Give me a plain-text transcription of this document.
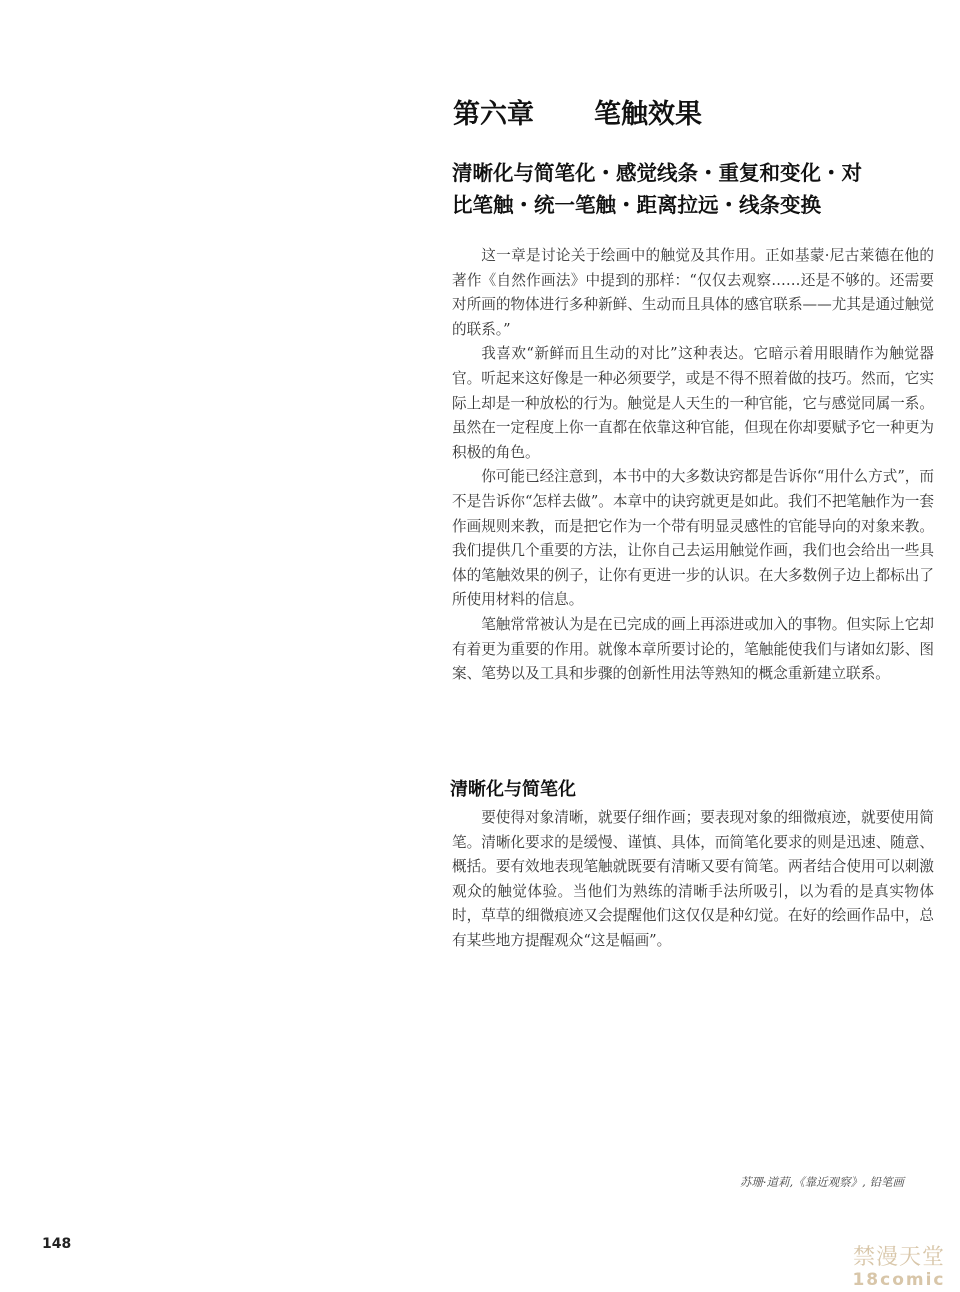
第六章 笔触效果
清晰化与简笔化・感觉线条・重复和变化・对
比笔触・统一笔触・距离拉远・线条变换

这一章是讨论关于绘画中的触觉及其作用。正如基蒙·尼古莱德在他的著作《自然作画法》中提到的那样：“仅仅去观察……还是不够的。还需要对所画的物体进行多种新鲜、生动而且具体的感官联系——尤其是通过触觉的联系。”

我喜欢“新鲜而且生动的对比”这种表达。它暗示着用眼睛作为触觉器官。听起来这好像是一种必须要学，或是不得不照着做的技巧。然而，它实际上却是一种放松的行为。触觉是人天生的一种官能，它与感觉同属一系。虽然在一定程度上你一直都在依靠这种官能，但现在你却要赋予它一种更为积极的角色。

你可能已经注意到，本书中的大多数诀窍都是告诉你“用什么方式”，而不是告诉你“怎样去做”。本章中的诀窍就更是如此。我们不把笔触作为一套作画规则来教，而是把它作为一个带有明显灵感性的官能导向的对象来教。我们提供几个重要的方法，让你自己去运用触觉作画，我们也会给出一些具体的笔触效果的例子，让你有更进一步的认识。在大多数例子边上都标出了所使用材料的信息。

笔触常常被认为是在已完成的画上再添进或加入的事物。但实际上它却有着更为重要的作用。就像本章所要讨论的，笔触能使我们与诸如幻影、图案、笔势以及工具和步骤的创新性用法等熟知的概念重新建立联系。

清晰化与简笔化

要使得对象清晰，就要仔细作画；要表现对象的细微痕迹，就要使用简笔。清晰化要求的是缓慢、谨慎、具体，而简笔化要求的则是迅速、随意、概括。要有效地表现笔触就既要有清晰又要有简笔。两者结合使用可以刺激观众的触觉体验。当他们为熟练的清晰手法所吸引，以为看的是真实物体时，草草的细微痕迹又会提醒他们这仅仅是种幻觉。在好的绘画作品中，总有某些地方提醒观众“这是幅画”。

苏珊·道莉,《靠近观察》, 铅笔画
148
禁漫天堂
18comic
